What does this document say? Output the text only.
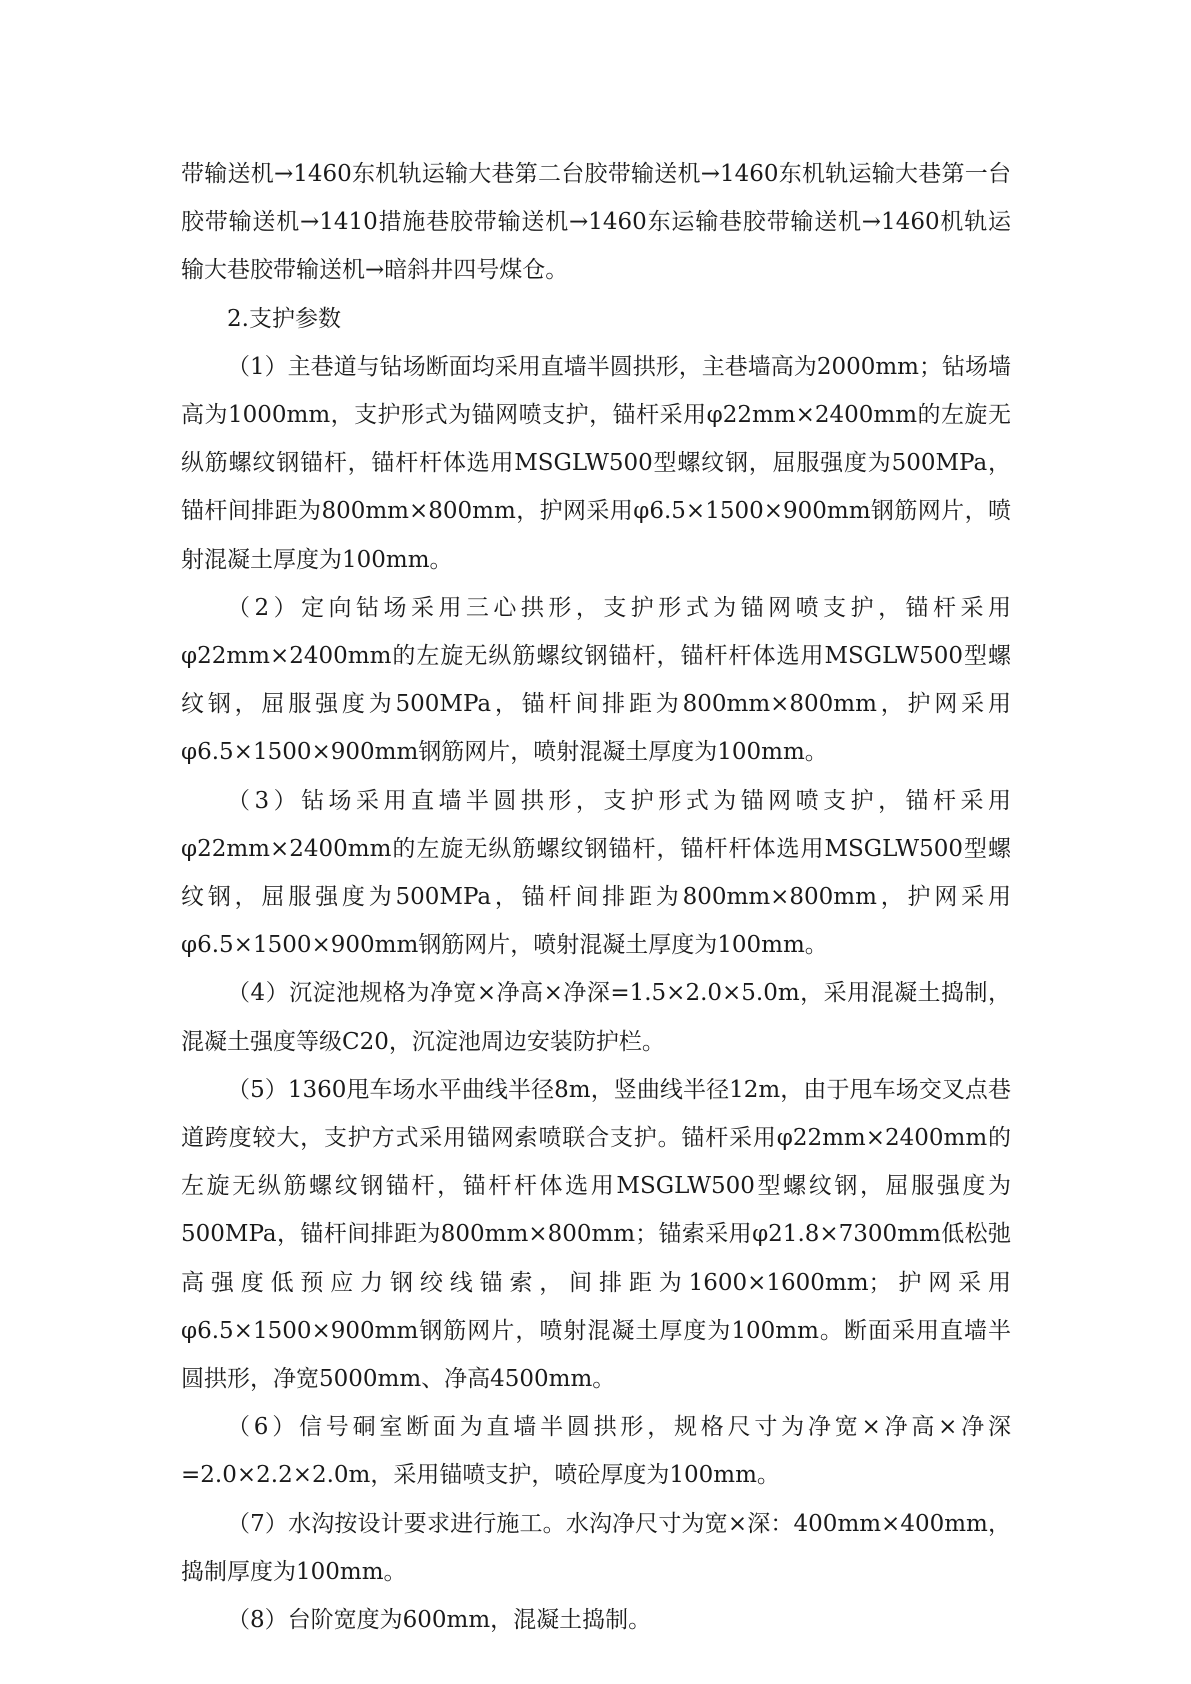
带输送机→1460东机轨运输大巷第二台胶带输送机→1460东机轨运输大巷第一台胶带输送机→1410措施巷胶带输送机→1460东运输巷胶带输送机→1460机轨运输大巷胶带输送机→暗斜井四号煤仓。

2.支护参数

（1）主巷道与钻场断面均采用直墙半圆拱形，主巷墙高为2000mm；钻场墙高为1000mm，支护形式为锚网喷支护，锚杆采用φ22mm×2400mm的左旋无纵筋螺纹钢锚杆，锚杆杆体选用MSGLW500型螺纹钢，屈服强度为500MPa，锚杆间排距为800mm×800mm，护网采用φ6.5×1500×900mm钢筋网片，喷射混凝土厚度为100mm。

（2）定向钻场采用三心拱形，支护形式为锚网喷支护，锚杆采用φ22mm×2400mm的左旋无纵筋螺纹钢锚杆，锚杆杆体选用MSGLW500型螺纹钢，屈服强度为500MPa，锚杆间排距为800mm×800mm，护网采用φ6.5×1500×900mm钢筋网片，喷射混凝土厚度为100mm。

（3）钻场采用直墙半圆拱形，支护形式为锚网喷支护，锚杆采用φ22mm×2400mm的左旋无纵筋螺纹钢锚杆，锚杆杆体选用MSGLW500型螺纹钢，屈服强度为500MPa，锚杆间排距为800mm×800mm，护网采用φ6.5×1500×900mm钢筋网片，喷射混凝土厚度为100mm。

（4）沉淀池规格为净宽×净高×净深=1.5×2.0×5.0m，采用混凝土捣制，混凝土强度等级C20，沉淀池周边安装防护栏。

（5）1360甩车场水平曲线半径8m，竖曲线半径12m，由于甩车场交叉点巷道跨度较大，支护方式采用锚网索喷联合支护。锚杆采用φ22mm×2400mm的左旋无纵筋螺纹钢锚杆，锚杆杆体选用MSGLW500型螺纹钢，屈服强度为500MPa，锚杆间排距为800mm×800mm；锚索采用φ21.8×7300mm低松弛高强度低预应力钢绞线锚索，间排距为1600×1600mm；护网采用φ6.5×1500×900mm钢筋网片，喷射混凝土厚度为100mm。断面采用直墙半圆拱形，净宽5000mm、净高4500mm。

（6）信号硐室断面为直墙半圆拱形，规格尺寸为净宽×净高×净深=2.0×2.2×2.0m，采用锚喷支护，喷砼厚度为100mm。

（7）水沟按设计要求进行施工。水沟净尺寸为宽×深：400mm×400mm，捣制厚度为100mm。

（8）台阶宽度为600mm，混凝土捣制。
